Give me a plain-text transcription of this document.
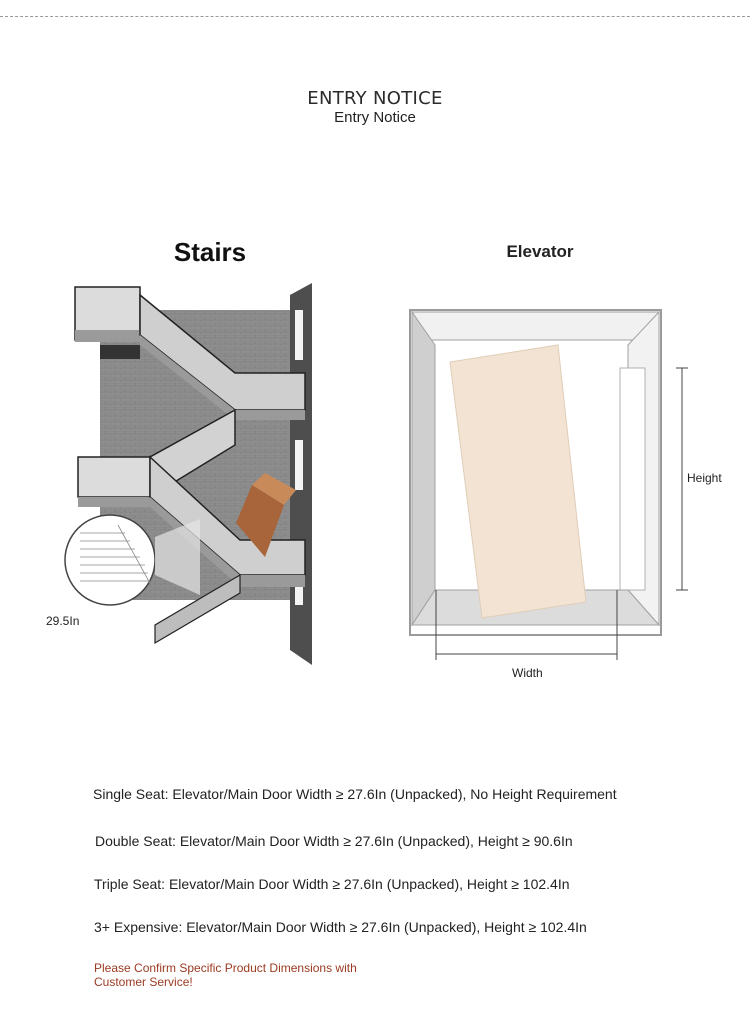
ENTRY NOTICE
Entry Notice
Stairs	Elevator
29.5In
Height
Width
Single Seat: Elevator/Main Door Width ≥ 27.6In (Unpacked), No Height Requirement
Double Seat: Elevator/Main Door Width ≥ 27.6In (Unpacked), Height ≥ 90.6In
Triple Seat: Elevator/Main Door Width ≥ 27.6In (Unpacked), Height ≥ 102.4In
3+ Expensive: Elevator/Main Door Width ≥ 27.6In (Unpacked), Height ≥ 102.4In
Please Confirm Specific Product Dimensions with Customer Service!
